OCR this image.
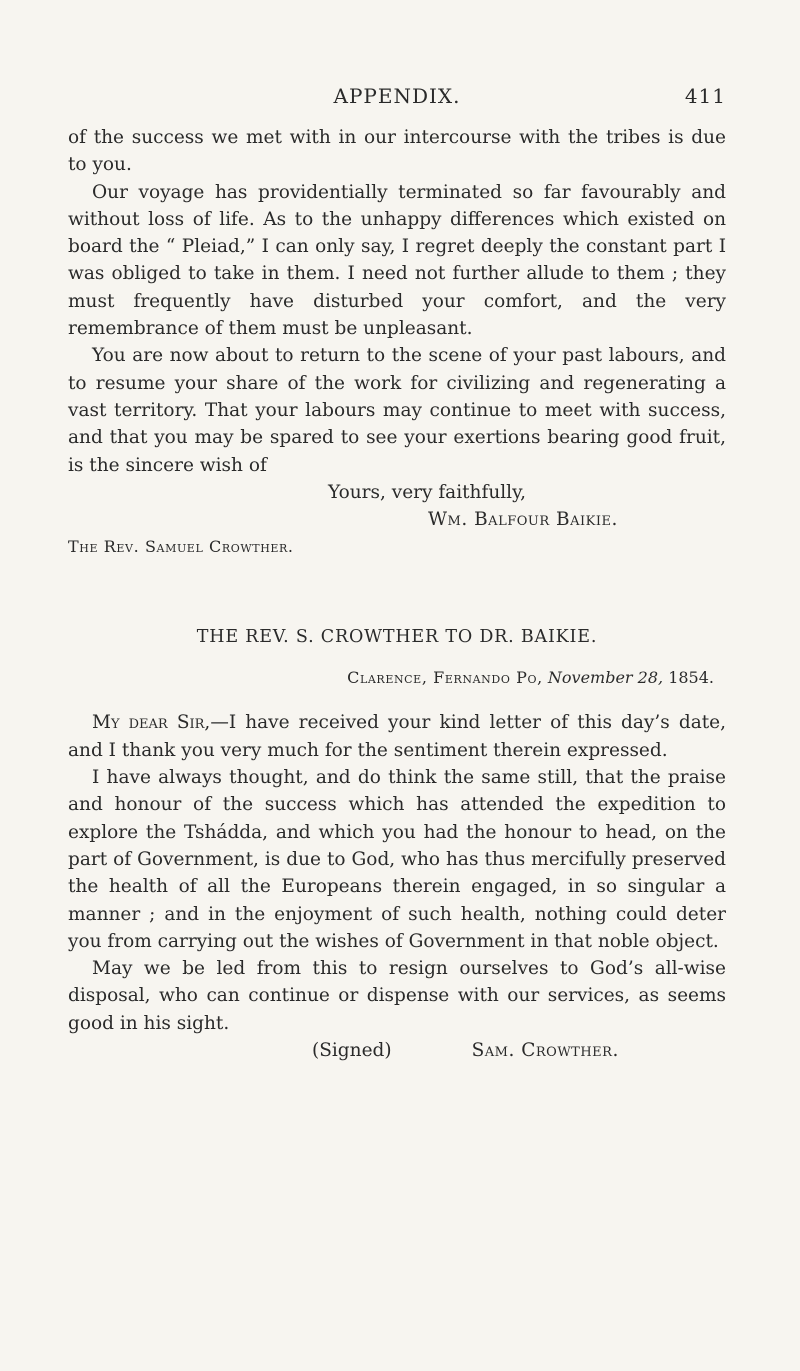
APPENDIX.	411

of the success we met with in our intercourse with the tribes is due to you.

Our voyage has providentially terminated so far favourably and without loss of life. As to the unhappy differences which existed on board the “ Pleiad,” I can only say, I regret deeply the constant part I was obliged to take in them. I need not further allude to them ; they must frequently have disturbed your comfort, and the very remembrance of them must be unpleasant.

You are now about to return to the scene of your past labours, and to resume your share of the work for civilizing and regenerating a vast territory. That your labours may continue to meet with success, and that you may be spared to see your exertions bearing good fruit, is the sincere wish of

Yours, very faithfully,

Wm. Balfour Baikie.

The Rev. Samuel Crowther.

THE REV. S. CROWTHER TO DR. BAIKIE.
Clarence, Fernando Po, November 28, 1854.

My dear Sir,—I have received your kind letter of this day’s date, and I thank you very much for the sentiment therein expressed.

I have always thought, and do think the same still, that the praise and honour of the success which has attended the expedition to explore the Tshádda, and which you had the honour to head, on the part of Government, is due to God, who has thus mercifully preserved the health of all the Europeans therein engaged, in so singular a manner ; and in the enjoyment of such health, nothing could deter you from carrying out the wishes of Government in that noble object.

May we be led from this to resign ourselves to God’s all-wise disposal, who can continue or dispense with our services, as seems good in his sight.

(Signed)	Sam. Crowther.
